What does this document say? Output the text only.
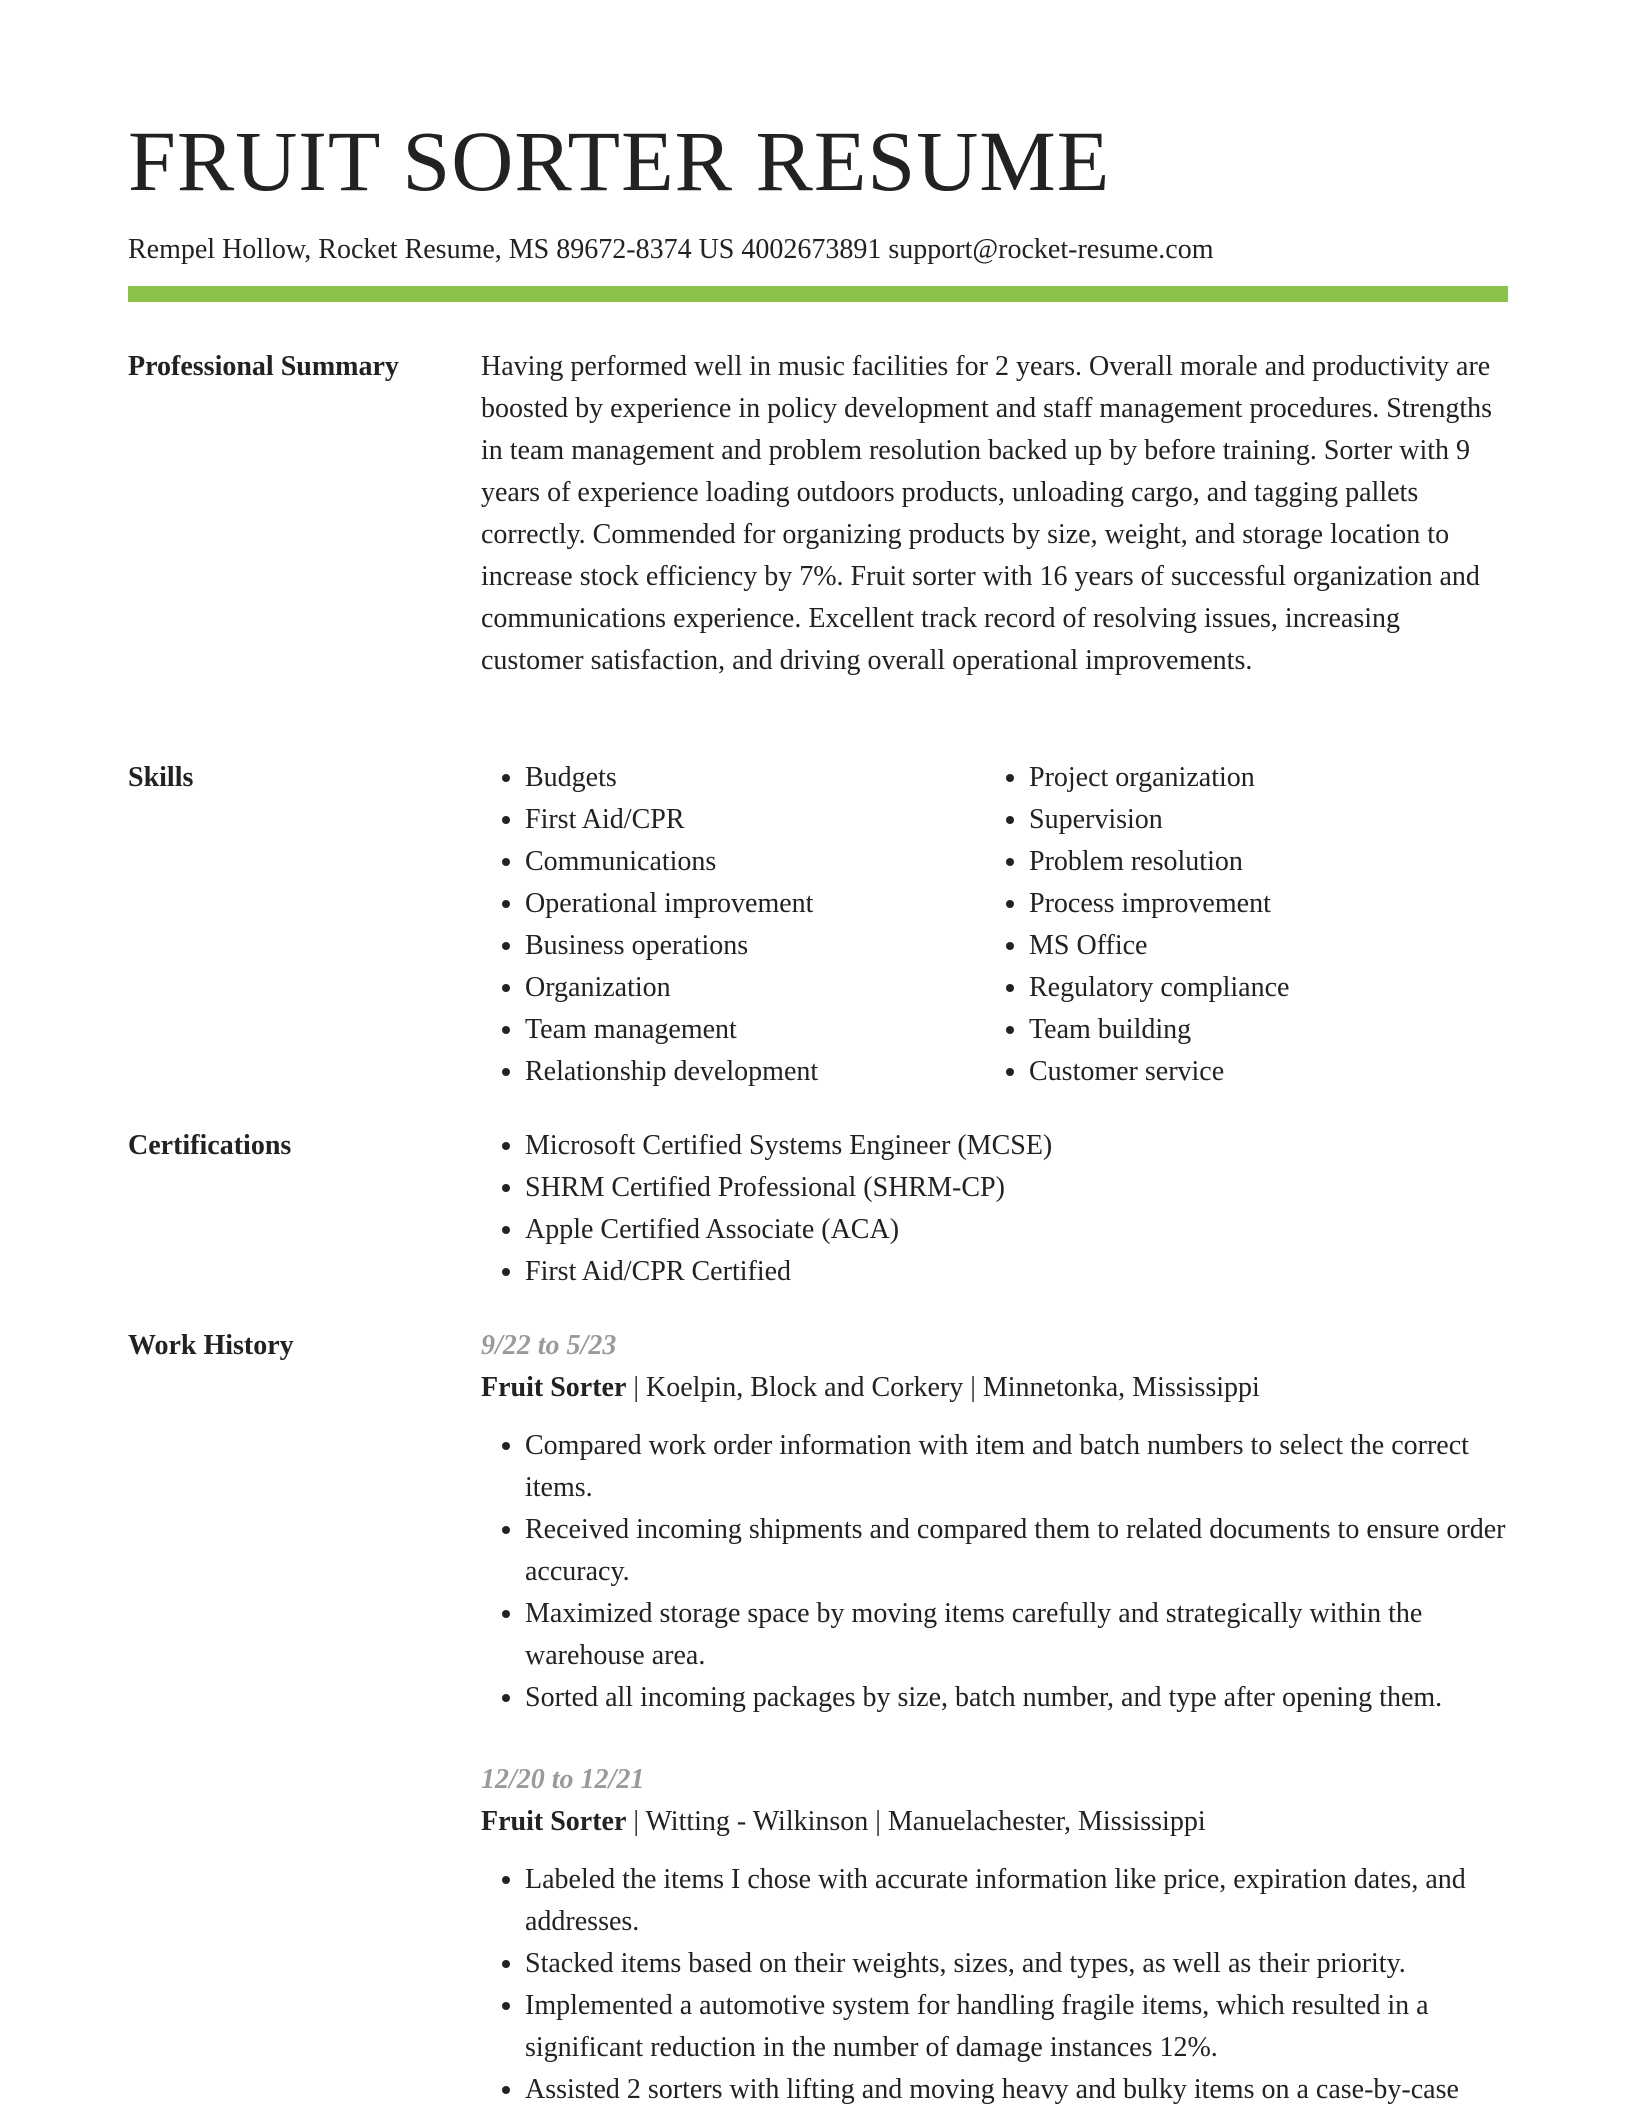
FRUIT SORTER RESUME
Rempel Hollow, Rocket Resume, MS 89672-8374 US 4002673891 support@rocket-resume.com
Professional Summary	Having performed well in music facilities for 2 years. Overall morale and productivity are boosted by experience in policy development and staff management procedures. Strengths in team management and problem resolution backed up by before training. Sorter with 9 years of experience loading outdoors products, unloading cargo, and tagging pallets correctly. Commended for organizing products by size, weight, and storage location to increase stock efficiency by 7%. Fruit sorter with 16 years of successful organization and communications experience. Excellent track record of resolving issues, increasing customer satisfaction, and driving overall operational improvements.

Skills	• Budgets
• First Aid/CPR
• Communications
• Operational improvement
• Business operations
• Organization
• Team management
• Relationship development
• Project organization
• Supervision
• Problem resolution
• Process improvement
• MS Office
• Regulatory compliance
• Team building
• Customer service
Certifications	• Microsoft Certified Systems Engineer (MCSE)
• SHRM Certified Professional (SHRM-CP)
• Apple Certified Associate (ACA)
• First Aid/CPR Certified
Work History	9/22 to 5/23
Fruit Sorter | Koelpin, Block and Corkery | Minnetonka, Mississippi
• Compared work order information with item and batch numbers to select the correct items.
• Received incoming shipments and compared them to related documents to ensure order accuracy.
• Maximized storage space by moving items carefully and strategically within the warehouse area.
• Sorted all incoming packages by size, batch number, and type after opening them.
12/20 to 12/21
Fruit Sorter | Witting - Wilkinson | Manuelachester, Mississippi
• Labeled the items I chose with accurate information like price, expiration dates, and addresses.
• Stacked items based on their weights, sizes, and types, as well as their priority.
• Implemented a automotive system for handling fragile items, which resulted in a significant reduction in the number of damage instances 12%.
• Assisted 2 sorters with lifting and moving heavy and bulky items on a case-by-case
